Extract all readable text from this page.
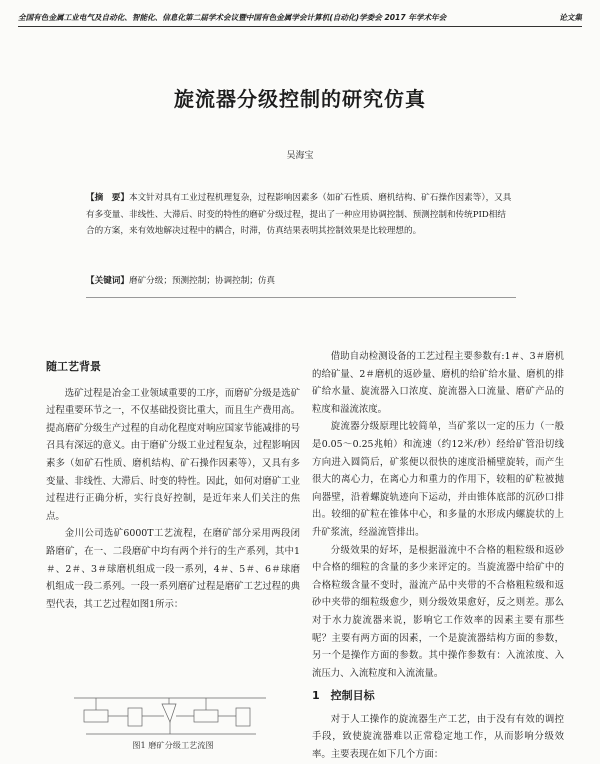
全国有色金属工业电气及自动化、智能化、信息化第二届学术会议暨中国有色金属学会计算机(自动化)学委会 2017 年学术年会	论文集
旋流器分级控制的研究仿真
吴海宝
【摘　要】本文针对具有工业过程机理复杂，过程影响因素多（如矿石性质、磨机结构、矿石操作因素等），又具有多变量、非线性、大滞后、时变的特性的磨矿分级过程，提出了一种应用协调控制、预测控制和传统PID相结合的方案，来有效地解决过程中的耦合，时滞，仿真结果表明其控制效果是比较理想的。
【关键词】磨矿分级；预测控制；协调控制；仿真
随工艺背景

选矿过程是冶金工业领域重要的工序，而磨矿分级是选矿过程重要环节之一，不仅基础投资比重大，而且生产费用高。提高磨矿分级生产过程的自动化程度对响应国家节能减排的号召具有深远的意义。由于磨矿分级工业过程复杂，过程影响因素多（如矿石性质、磨机结构、矿石操作因素等），又具有多变量、非线性、大滞后、时变的特性。因此，如何对磨矿工业过程进行正确分析，实行良好控制，是近年来人们关注的焦点。

金川公司选矿6000T工艺流程，在磨矿部分采用两段闭路磨矿，在一、二段磨矿中均有两个并行的生产系列，其中1＃、2＃、3＃球磨机组成一段一系列，4＃、5＃、6＃球磨机组成一段二系列。一段一系列磨矿过程是磨矿工艺过程的典型代表，其工艺过程如图1所示：

图1 磨矿分级工艺流图

借助自动检测设备的工艺过程主要参数有:1＃、3＃磨机的给矿量、2＃磨机的返砂量、磨机的给矿给水量、磨机的排矿给水量、旋流器入口浓度、旋流器入口流量、磨矿产品的粒度和溢流浓度。

旋流器分级原理比较简单，当矿浆以一定的压力（一般是0.05～0.25兆帕）和流速（约12米/秒）经给矿管沿切线方向进入圆筒后，矿浆便以很快的速度沿桶壁旋转，而产生很大的离心力，在离心力和重力的作用下，较粗的矿粒被抛向器壁，沿着螺旋轨迹向下运动，并由锥体底部的沉砂口排出。较细的矿粒在锥体中心，和多量的水形成内螺旋状的上升矿浆流，经溢流管排出。

分级效果的好坏，是根据溢流中不合格的粗粒级和返砂中合格的细粒的含量的多少来评定的。当旋流器中给矿中的合格粒级含量不变时，溢流产品中夹带的不合格粗粒级和返砂中夹带的细粒级愈少，则分级效果愈好，反之则差。那么对于水力旋流器来说，影响它工作效率的因素主要有那些呢？主要有两方面的因素，一个是旋流器结构方面的参数，另一个是操作方面的参数。其中操作参数有：入流浓度、入流压力、入流粒度和入流流量。

1　控制目标

对于人工操作的旋流器生产工艺，由于没有有效的调控手段，致使旋流器难以正常稳定地工作，从而影响分级效率。主要表现在如下几个方面：
